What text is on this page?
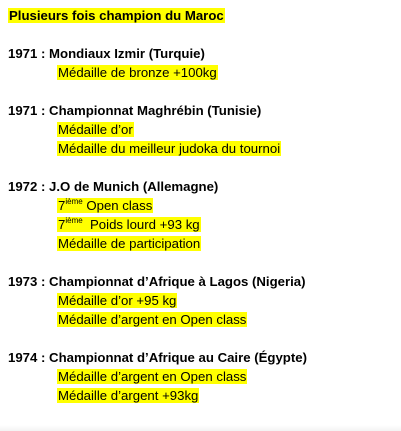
Plusieurs fois champion du Maroc
1971 : Mondiaux Izmir (Turquie)
Médaille de bronze +100kg
1971 : Championnat Maghrébin (Tunisie)
Médaille d’or
Médaille du meilleur judoka du tournoi
1972 : J.O de Munich (Allemagne)
7ième Open class
7ième  Poids lourd +93 kg
Médaille de participation
1973 : Championnat d’Afrique à Lagos (Nigeria)
Médaille d’or +95 kg
Médaille d’argent en Open class
1974 : Championnat d’Afrique au Caire (Égypte)
Médaille d’argent en Open class
Médaille d’argent +93kg
